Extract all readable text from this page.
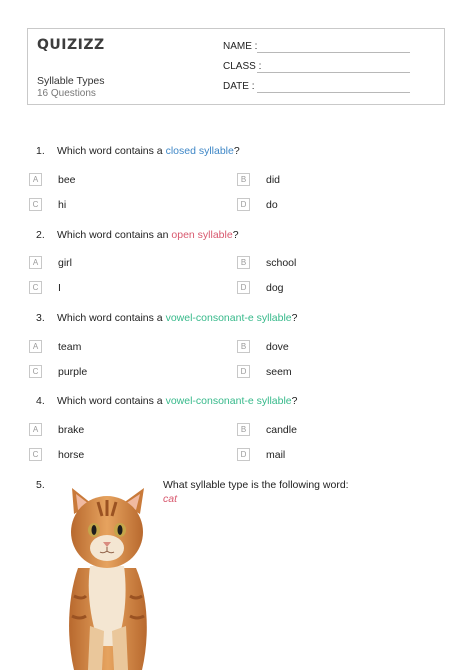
QUIZIZZ
Syllable Types
16 Questions
NAME :
CLASS :
DATE :
1. Which word contains a closed syllable?
A	bee	B	did
C	hi	D	do
2. Which word contains an open syllable?
A	girl	B	school
C	I	D	dog
3. Which word contains a vowel-consonant-e syllable?
A	team	B	dove
C	purple	D	seem
4. Which word contains a vowel-consonant-e syllable?
A	brake	B	candle
C	horse	D	mail
5.	What syllable type is the following word:
cat
